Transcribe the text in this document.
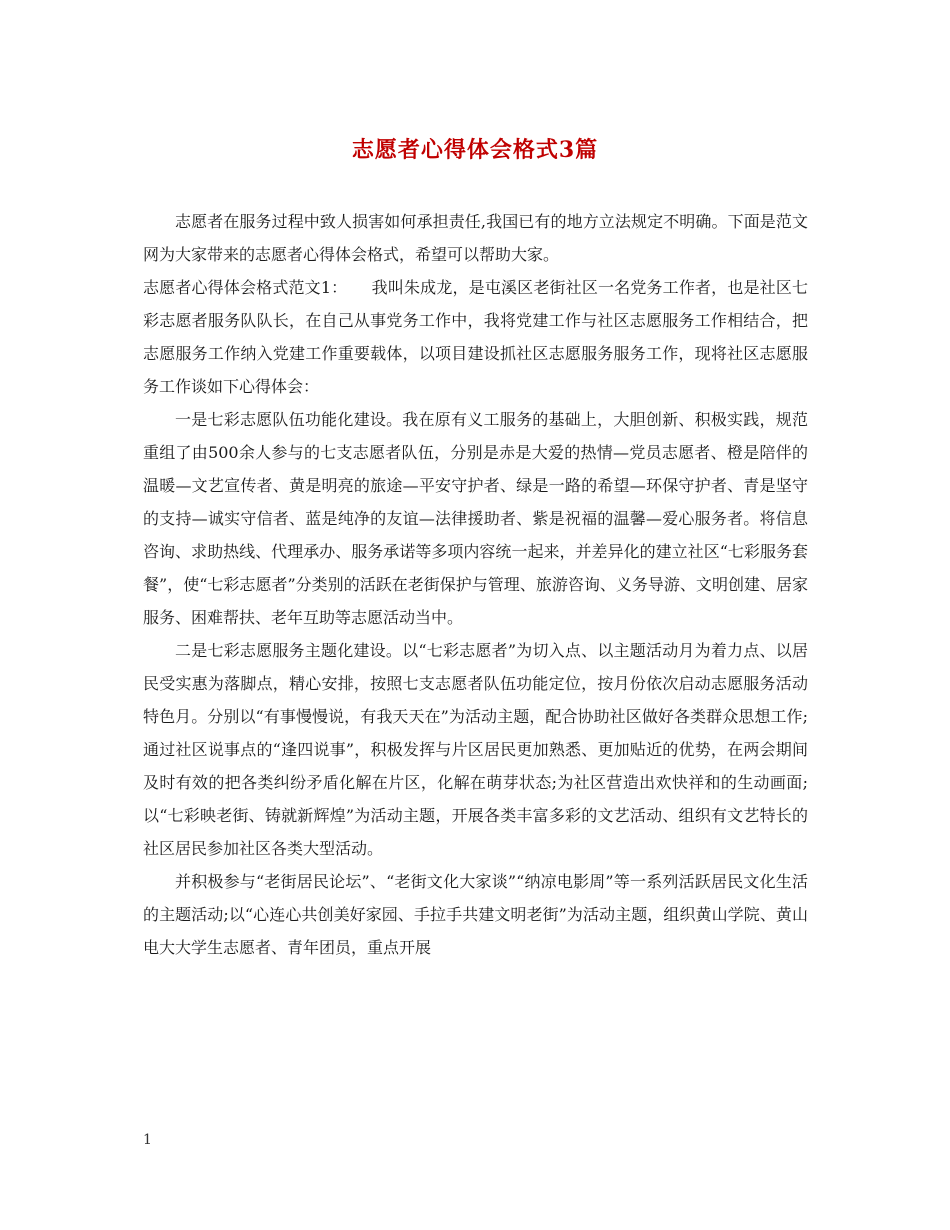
志愿者心得体会格式3篇

志愿者在服务过程中致人损害如何承担责任,我国已有的地方立法规定不明确。下面是范文网为大家带来的志愿者心得体会格式，希望可以帮助大家。

志愿者心得体会格式范文1：　　我叫朱成龙，是屯溪区老街社区一名党务工作者，也是社区七彩志愿者服务队队长，在自己从事党务工作中，我将党建工作与社区志愿服务工作相结合，把志愿服务工作纳入党建工作重要载体，以项目建设抓社区志愿服务服务工作，现将社区志愿服务工作谈如下心得体会：

一是七彩志愿队伍功能化建设。我在原有义工服务的基础上，大胆创新、积极实践，规范重组了由500余人参与的七支志愿者队伍，分别是赤是大爱的热情—党员志愿者、橙是陪伴的温暖—文艺宣传者、黄是明亮的旅途—平安守护者、绿是一路的希望—环保守护者、青是坚守的支持—诚实守信者、蓝是纯净的友谊—法律援助者、紫是祝福的温馨—爱心服务者。将信息咨询、求助热线、代理承办、服务承诺等多项内容统一起来，并差异化的建立社区“七彩服务套餐”，使“七彩志愿者”分类别的活跃在老街保护与管理、旅游咨询、义务导游、文明创建、居家服务、困难帮扶、老年互助等志愿活动当中。

二是七彩志愿服务主题化建设。以“七彩志愿者”为切入点、以主题活动月为着力点、以居民受实惠为落脚点，精心安排，按照七支志愿者队伍功能定位，按月份依次启动志愿服务活动特色月。分别以“有事慢慢说，有我天天在”为活动主题，配合协助社区做好各类群众思想工作;通过社区说事点的“逢四说事”，积极发挥与片区居民更加熟悉、更加贴近的优势，在两会期间及时有效的把各类纠纷矛盾化解在片区，化解在萌芽状态;为社区营造出欢快祥和的生动画面;以“七彩映老街、铸就新辉煌”为活动主题，开展各类丰富多彩的文艺活动、组织有文艺特长的社区居民参加社区各类大型活动。

并积极参与“老街居民论坛”、“老街文化大家谈”“纳凉电影周”等一系列活跃居民文化生活的主题活动;以“心连心共创美好家园、手拉手共建文明老街”为活动主题，组织黄山学院、黄山电大大学生志愿者、青年团员，重点开展

1
